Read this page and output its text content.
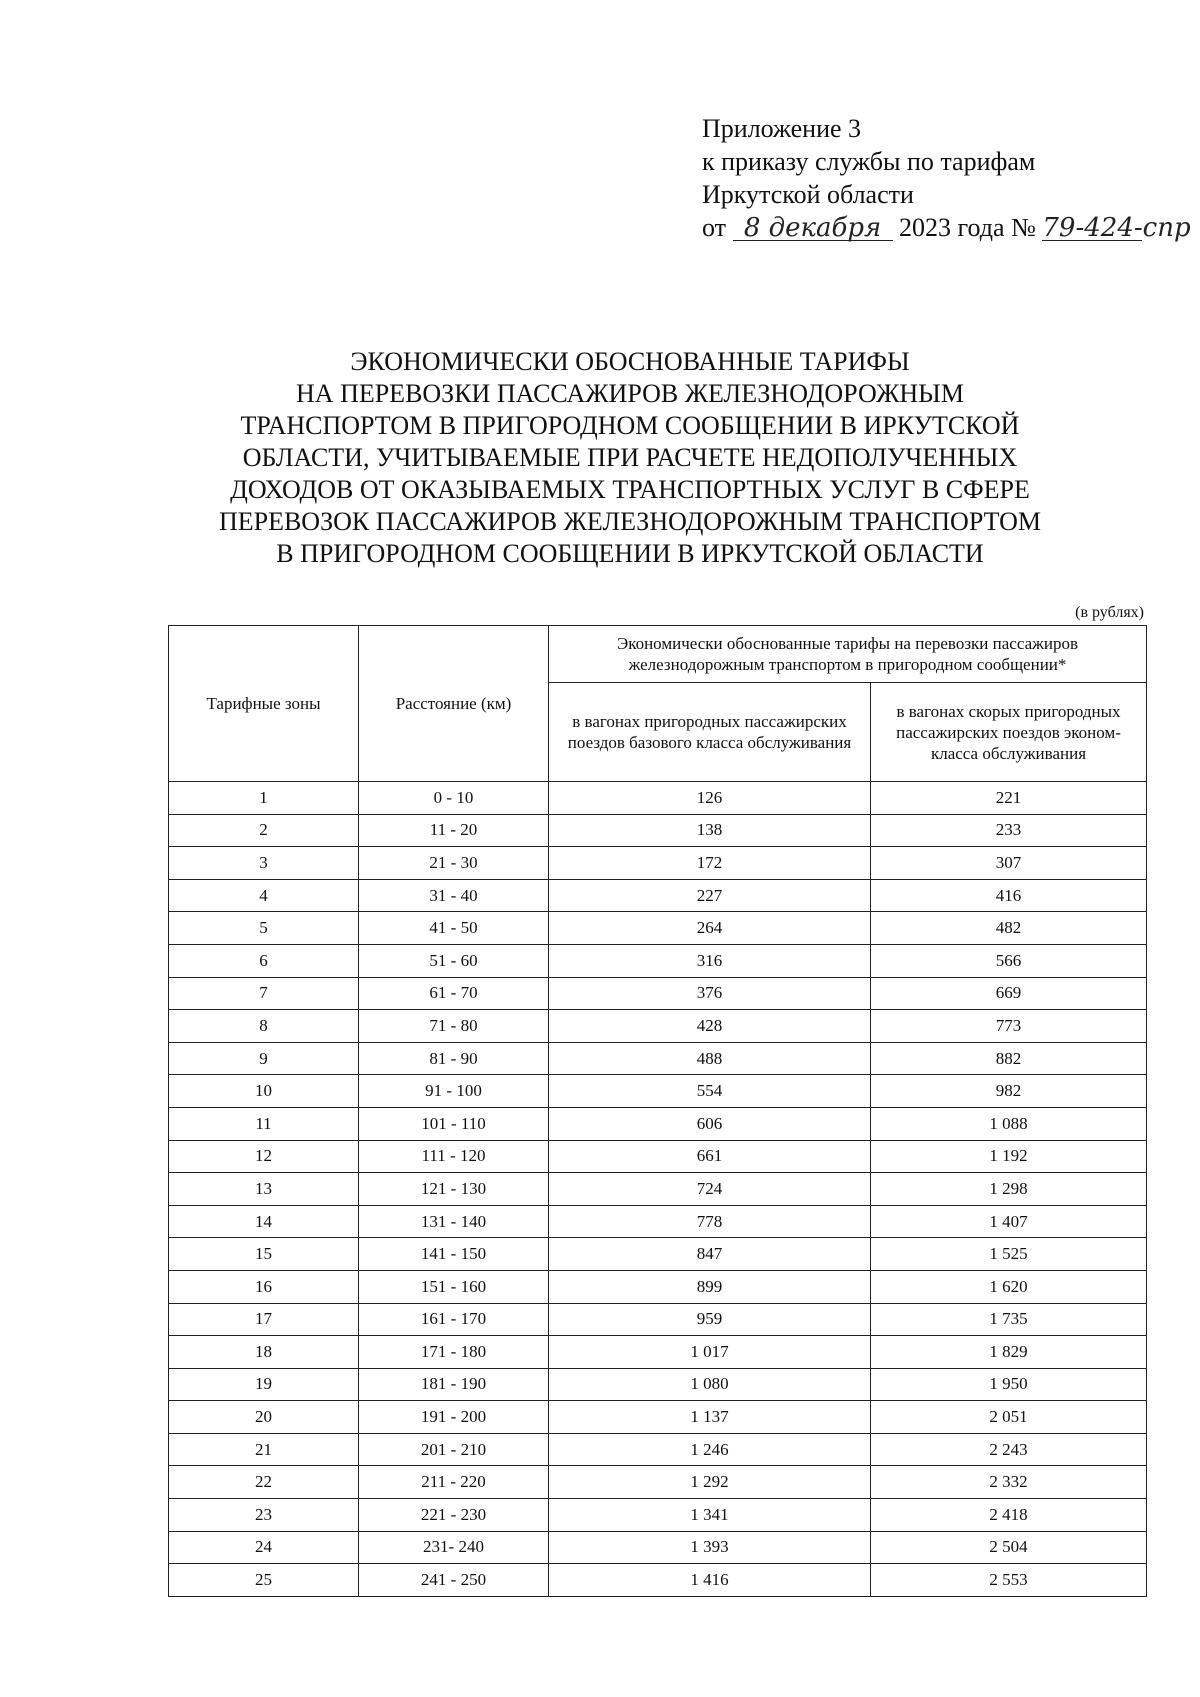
Приложение 3
к приказу службы по тарифам
Иркутской области
от 8 декабря 2023 года № 79-424-спр
ЭКОНОМИЧЕСКИ ОБОСНОВАННЫЕ ТАРИФЫ
НА ПЕРЕВОЗКИ ПАССАЖИРОВ ЖЕЛЕЗНОДОРОЖНЫМ
ТРАНСПОРТОМ В ПРИГОРОДНОМ СООБЩЕНИИ В ИРКУТСКОЙ
ОБЛАСТИ, УЧИТЫВАЕМЫЕ ПРИ РАСЧЕТЕ НЕДОПОЛУЧЕННЫХ
ДОХОДОВ ОТ ОКАЗЫВАЕМЫХ ТРАНСПОРТНЫХ УСЛУГ В СФЕРЕ
ПЕРЕВОЗОК ПАССАЖИРОВ ЖЕЛЕЗНОДОРОЖНЫМ ТРАНСПОРТОМ
В ПРИГОРОДНОМ СООБЩЕНИИ В ИРКУТСКОЙ ОБЛАСТИ
(в рублях)
Тарифные зоны	Расстояние (км)	Экономически обоснованные тарифы на перевозки пассажиров железнодорожным транспортом в пригородном сообщении*	
		в вагонах пригородных пассажирских поездов базового класса обслуживания	в вагонах скорых пригородных пассажирских поездов эконом-класса обслуживания
1	0 - 10	126	221
2	11 - 20	138	233
3	21 - 30	172	307
4	31 - 40	227	416
5	41 - 50	264	482
6	51 - 60	316	566
7	61 - 70	376	669
8	71 - 80	428	773
9	81 - 90	488	882
10	91 - 100	554	982
11	101 - 110	606	1 088
12	111 - 120	661	1 192
13	121 - 130	724	1 298
14	131 - 140	778	1 407
15	141 - 150	847	1 525
16	151 - 160	899	1 620
17	161 - 170	959	1 735
18	171 - 180	1 017	1 829
19	181 - 190	1 080	1 950
20	191 - 200	1 137	2 051
21	201 - 210	1 246	2 243
22	211 - 220	1 292	2 332
23	221 - 230	1 341	2 418
24	231- 240	1 393	2 504
25	241 - 250	1 416	2 553
